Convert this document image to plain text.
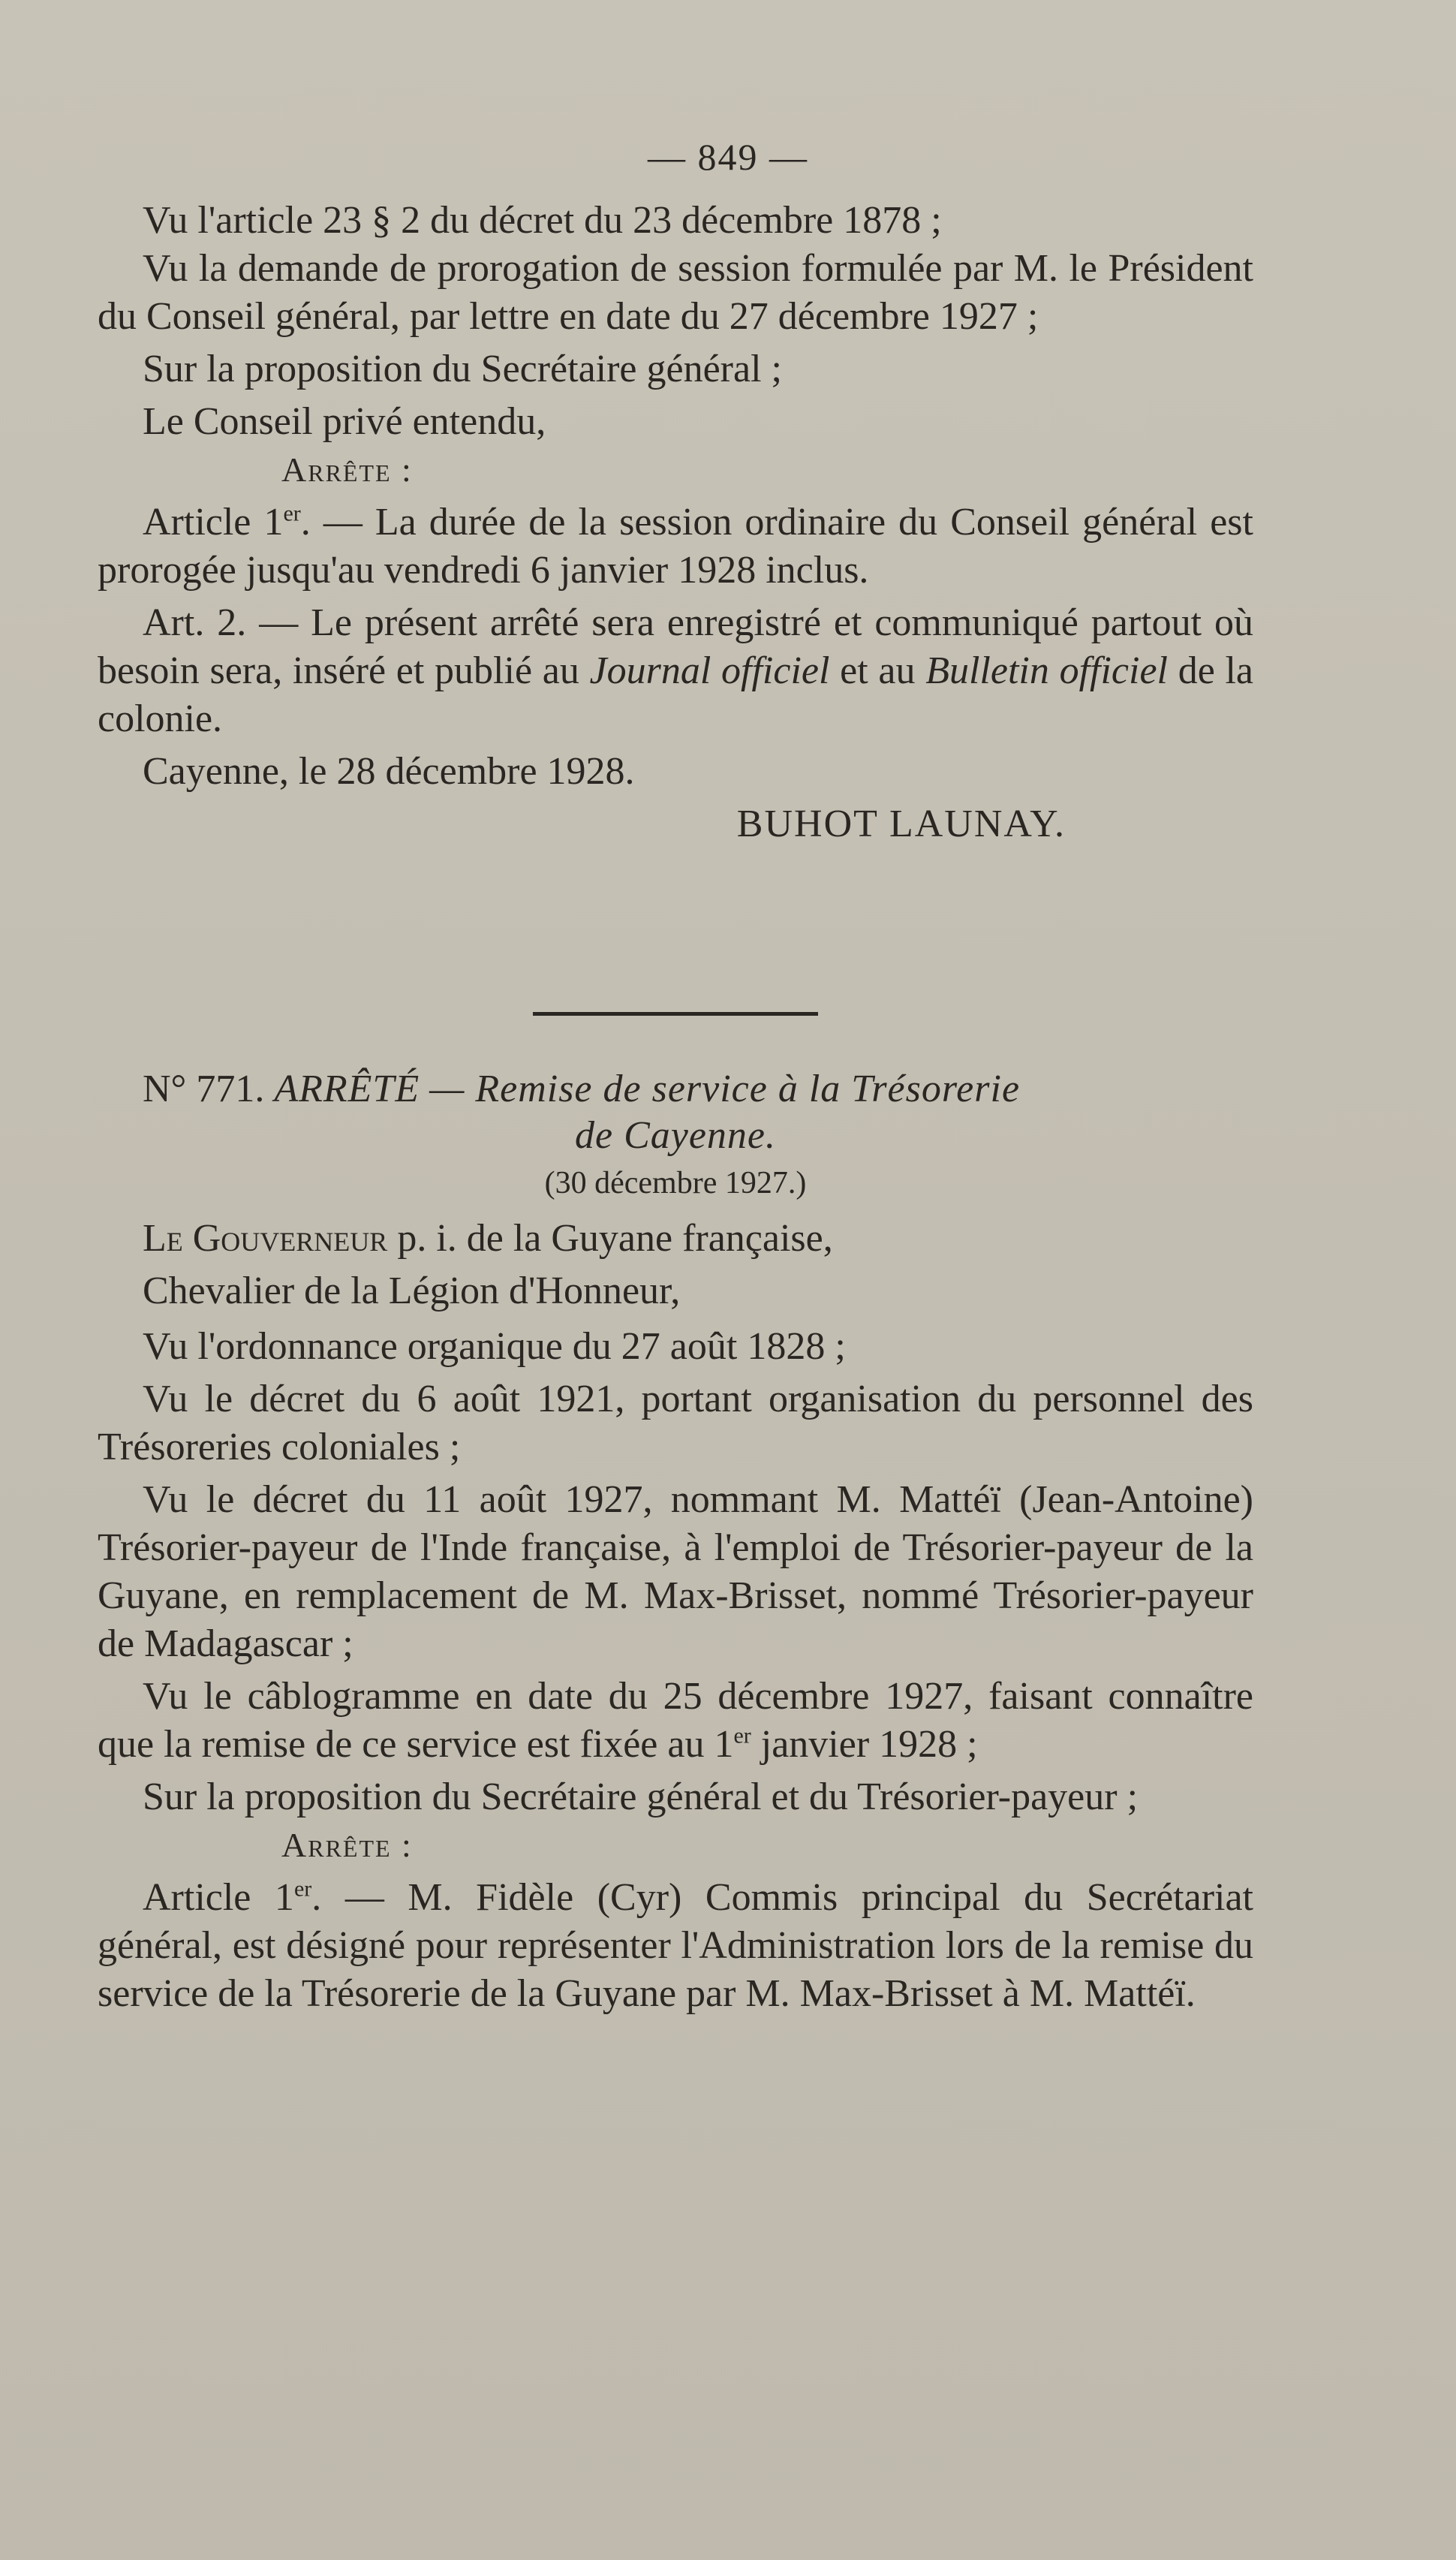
— 849 —

Vu l'article 23 § 2 du décret du 23 décembre 1878 ;

Vu la demande de prorogation de session formulée par M. le Président du Conseil général, par lettre en date du 27 décembre 1927 ;

Sur la proposition du Secrétaire général ;

Le Conseil privé entendu,

Arrête :

Article 1er. — La durée de la session ordinaire du Conseil général est prorogée jusqu'au vendredi 6 janvier 1928 inclus.

Art. 2. — Le présent arrêté sera enregistré et communiqué partout où besoin sera, inséré et publié au Journal officiel et au Bulletin officiel de la colonie.

Cayenne, le 28 décembre 1928.

BUHOT LAUNAY.

N° 771. ARRÊTÉ — Remise de service à la Trésorerie

de Cayenne.

(30 décembre 1927.)

Le Gouverneur p. i. de la Guyane française,

Chevalier de la Légion d'Honneur,

Vu l'ordonnance organique du 27 août 1828 ;

Vu le décret du 6 août 1921, portant organisation du personnel des Trésoreries coloniales ;

Vu le décret du 11 août 1927, nommant M. Mattéï (Jean-Antoine) Trésorier-payeur de l'Inde française, à l'emploi de Trésorier-payeur de la Guyane, en remplacement de M. Max-Brisset, nommé Trésorier-payeur de Madagascar ;

Vu le câblogramme en date du 25 décembre 1927, faisant connaître que la remise de ce service est fixée au 1er janvier 1928 ;

Sur la proposition du Secrétaire général et du Trésorier-payeur ;

Arrête :

Article 1er. — M. Fidèle (Cyr) Commis principal du Secrétariat général, est désigné pour représenter l'Administration lors de la remise du service de la Trésorerie de la Guyane par M. Max-Brisset à M. Mattéï.
